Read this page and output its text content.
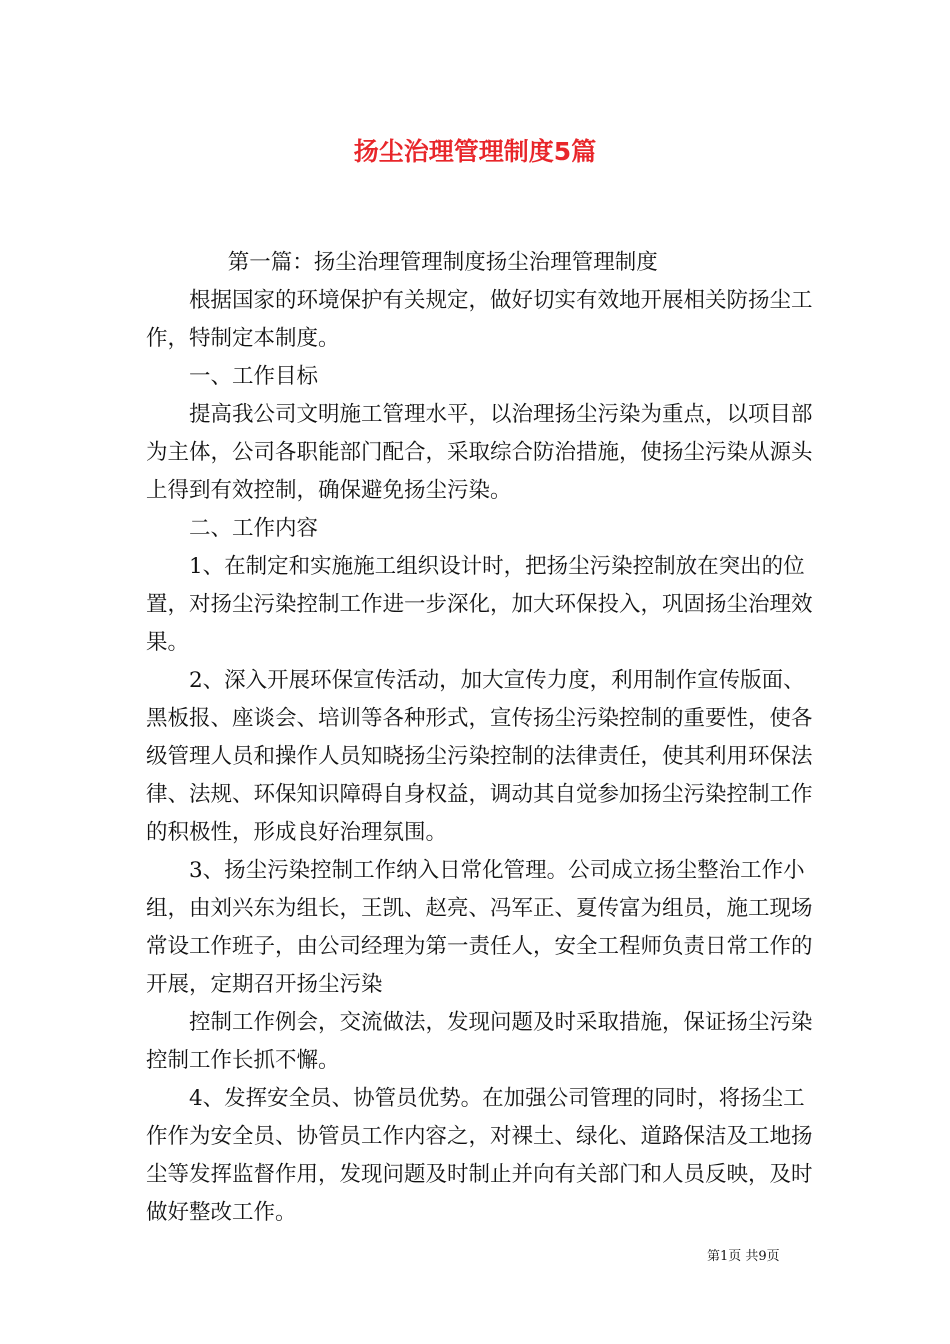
扬尘治理管理制度5篇

第一篇：扬尘治理管理制度扬尘治理管理制度

根据国家的环境保护有关规定，做好切实有效地开展相关防扬尘工作，特制定本制度。

一、工作目标

提高我公司文明施工管理水平，以治理扬尘污染为重点，以项目部为主体，公司各职能部门配合，采取综合防治措施，使扬尘污染从源头上得到有效控制，确保避免扬尘污染。

二、工作内容

1、在制定和实施施工组织设计时，把扬尘污染控制放在突出的位置，对扬尘污染控制工作进一步深化，加大环保投入，巩固扬尘治理效果。

2、深入开展环保宣传活动，加大宣传力度，利用制作宣传版面、黑板报、座谈会、培训等各种形式，宣传扬尘污染控制的重要性，使各级管理人员和操作人员知晓扬尘污染控制的法律责任，使其利用环保法律、法规、环保知识障碍自身权益，调动其自觉参加扬尘污染控制工作的积极性，形成良好治理氛围。

3、扬尘污染控制工作纳入日常化管理。公司成立扬尘整治工作小组，由刘兴东为组长，王凯、赵亮、冯军正、夏传富为组员，施工现场常设工作班子，由公司经理为第一责任人，安全工程师负责日常工作的开展，定期召开扬尘污染

控制工作例会，交流做法，发现问题及时采取措施，保证扬尘污染控制工作长抓不懈。

4、发挥安全员、协管员优势。在加强公司管理的同时，将扬尘工作作为安全员、协管员工作内容之，对裸土、绿化、道路保洁及工地扬尘等发挥监督作用，发现问题及时制止并向有关部门和人员反映，及时做好整改工作。

第1页 共9页
